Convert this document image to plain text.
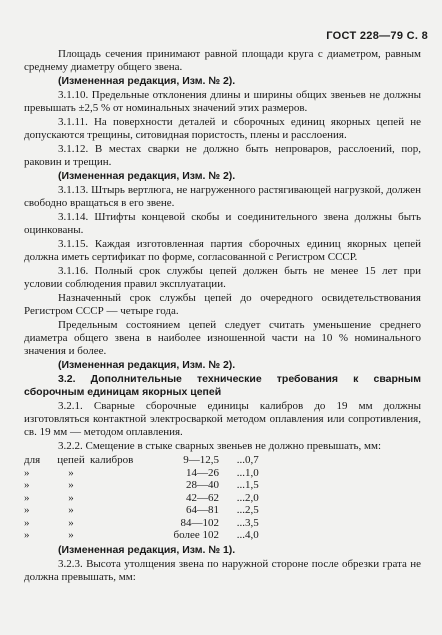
ГОСТ 228—79 С. 8
Площадь сечения принимают равной площади круга с диаметром, равным среднему диаметру общего звена.
(Измененная редакция, Изм. № 2).
3.1.10. Предельные отклонения длины и ширины общих звеньев не должны превышать ±2,5 % от номинальных значений этих размеров.
3.1.11. На поверхности деталей и сборочных единиц якорных цепей не допускаются трещины, ситовидная пористость, плены и расслоения.
3.1.12. В местах сварки не должно быть непроваров, расслоений, пор, раковин и трещин.
(Измененная редакция, Изм. № 2).
3.1.13. Штырь вертлюга, не нагруженного растягивающей нагрузкой, должен свободно вращаться в его звене.
3.1.14. Штифты концевой скобы и соединительного звена должны быть оцинкованы.
3.1.15. Каждая изготовленная партия сборочных единиц якорных цепей должна иметь сертификат по форме, согласованной с Регистром СССР.
3.1.16. Полный срок службы цепей должен быть не менее 15 лет при условии соблюдения правил эксплуатации.
Назначенный срок службы цепей до очередного освидетельствования Регистром СССР — четыре года.
Предельным состоянием цепей следует считать уменьшение среднего диаметра общего звена в наиболее изношенной части на 10 % номинального значения и более.
(Измененная редакция, Изм. № 2).
3.2. Дополнительные технические требования к сварным сборочным единицам якорных цепей
3.2.1. Сварные сборочные единицы калибров до 19 мм должны изготовляться контактной электросваркой методом оплавления или сопротивления, св. 19 мм — методом оплавления.
3.2.2. Смещение в стыке сварных звеньев не должно превышать, мм:
для	цепей	калибров	9—12,5	...	0,7
»	»		14—26	...	1,0
»	»		28—40	...	1,5
»	»		42—62	...	2,0
»	»		64—81	...	2,5
»	»		84—102	...	3,5
»	»		более 102	...	4,0
(Измененная редакция, Изм. № 1).
3.2.3. Высота утолщения звена по наружной стороне после обрезки грата не должна превышать, мм:
